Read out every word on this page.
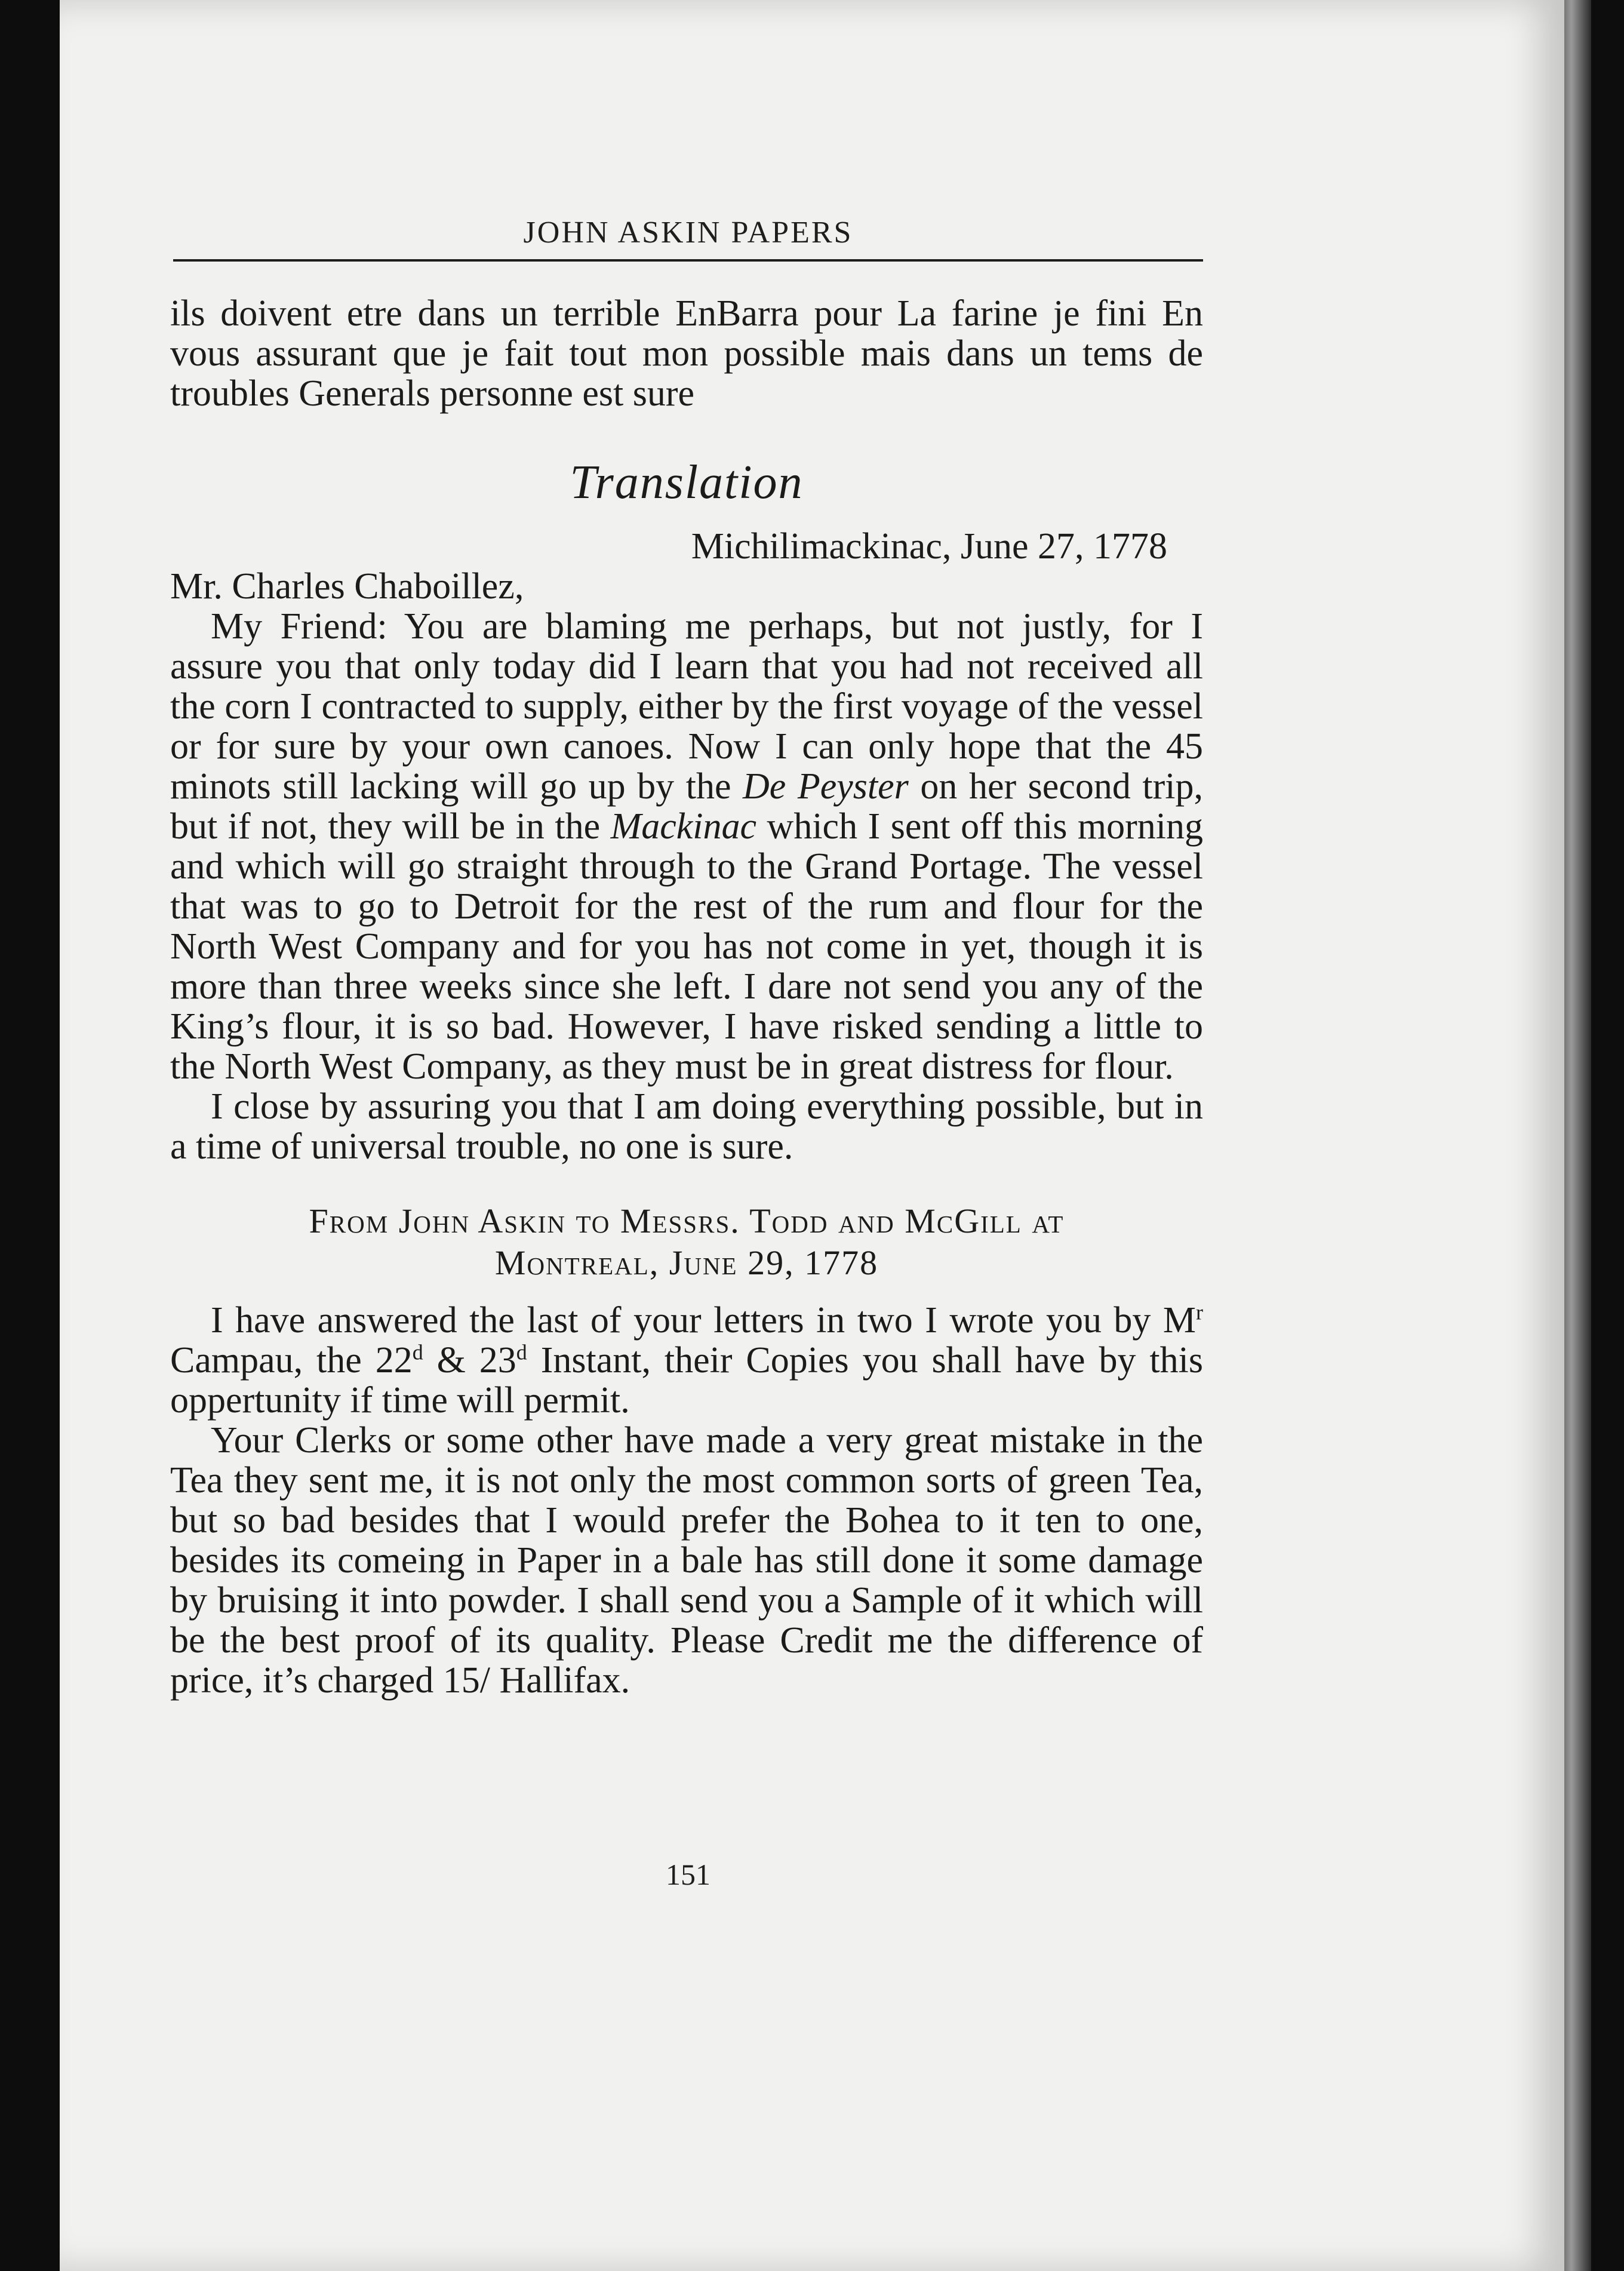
JOHN ASKIN PAPERS

ils doivent etre dans un terrible EnBarra pour La farine je fini En vous assurant que je fait tout mon possible mais dans un tems de troubles Generals personne est sure

Translation

Michilimackinac, June 27, 1778

Mr. Charles Chaboillez,

My Friend: You are blaming me perhaps, but not justly, for I assure you that only today did I learn that you had not received all the corn I contracted to supply, either by the first voyage of the vessel or for sure by your own canoes. Now I can only hope that the 45 minots still lacking will go up by the De Peyster on her second trip, but if not, they will be in the Mackinac which I sent off this morning and which will go straight through to the Grand Portage. The vessel that was to go to Detroit for the rest of the rum and flour for the North West Company and for you has not come in yet, though it is more than three weeks since she left. I dare not send you any of the King’s flour, it is so bad. However, I have risked sending a little to the North West Company, as they must be in great distress for flour.

I close by assuring you that I am doing everything possible, but in a time of universal trouble, no one is sure.

From John Askin to Messrs. Todd and McGill at
Montreal, June 29, 1778

I have answered the last of your letters in two I wrote you by $M^r$ Campau, the 22$^d$ & 23$^d$ Instant, their Copies you shall have by this oppertunity if time will permit.

Your Clerks or some other have made a very great mistake in the Tea they sent me, it is not only the most common sorts of green Tea, but so bad besides that I would prefer the Bohea to it ten to one, besides its comeing in Paper in a bale has still done it some damage by bruising it into powder. I shall send you a Sample of it which will be the best proof of its quality. Please Credit me the difference of price, it’s charged 15/ Hallifax.

151
